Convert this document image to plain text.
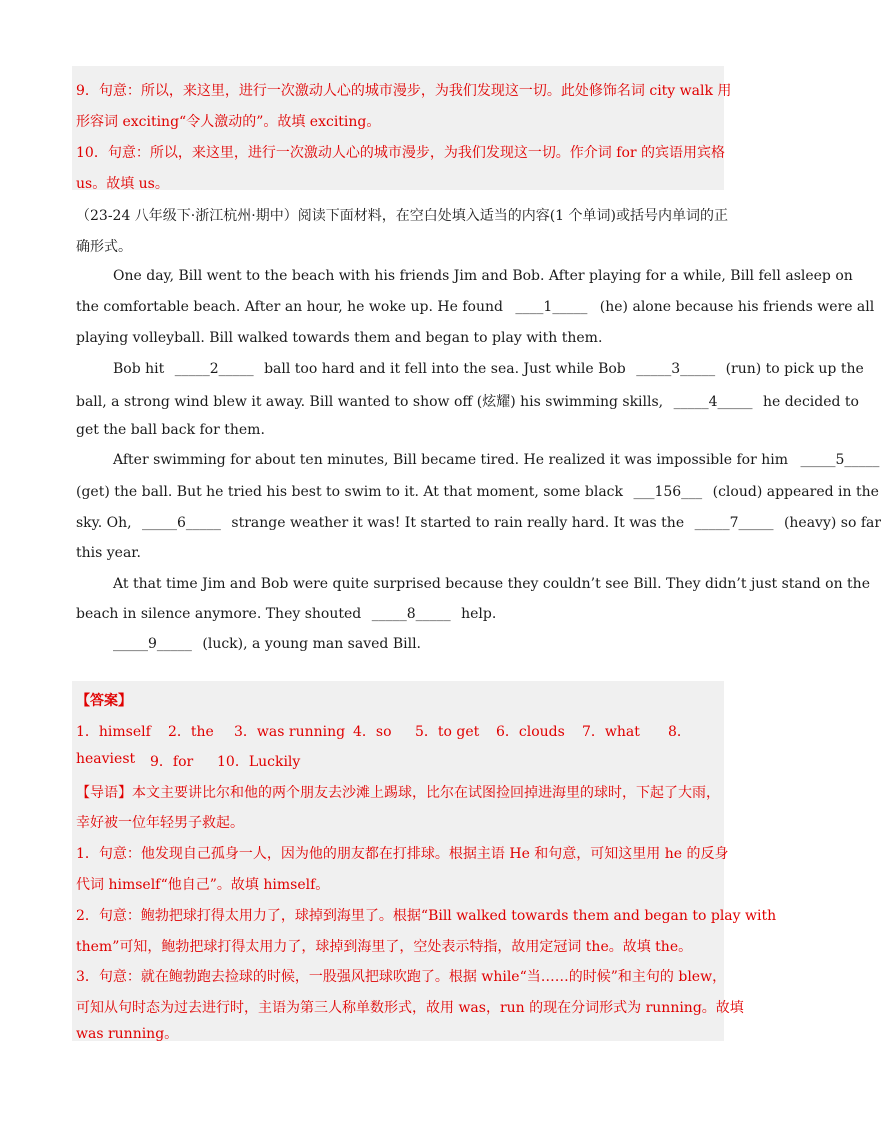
9．句意：所以，来这里，进行一次激动人心的城市漫步，为我们发现这一切。此处修饰名词 city walk 用
形容词 exciting“令人激动的”。故填 exciting。
10．句意：所以，来这里，进行一次激动人心的城市漫步，为我们发现这一切。作介词 for 的宾语用宾格
us。故填 us。
（23-24 八年级下·浙江杭州·期中）阅读下面材料，在空白处填入适当的内容(1 个单词)或括号内单词的正
确形式。
One day, Bill went to the beach with his friends Jim and Bob. After playing for a while, Bill fell asleep on
the comfortable beach. After an hour, he woke up. He found ____1_____ (he) alone because his friends were all
playing volleyball. Bill walked towards them and began to play with them.
Bob hit _____2_____ ball too hard and it fell into the sea. Just while Bob _____3_____ (run) to pick up the
ball, a strong wind blew it away. Bill wanted to show off (炫耀) his swimming skills, _____4_____ he decided to
get the ball back for them.
After swimming for about ten minutes, Bill became tired. He realized it was impossible for him _____5_____
(get) the ball. But he tried his best to swim to it. At that moment, some black ___156___ (cloud) appeared in the
sky. Oh, _____6_____ strange weather it was! It started to rain really hard. It was the _____7_____ (heavy) so far
this year.
At that time Jim and Bob were quite surprised because they couldn’t see Bill. They didn’t just stand on the
beach in silence anymore. They shouted _____8_____ help.
_____9_____ (luck), a young man saved Bill.
【答案】
1．himself 2．the 3．was running 4．so 5．to get 6．clouds 7．what 8．
heaviest 9．for 10．Luckily
【导语】本文主要讲比尔和他的两个朋友去沙滩上踢球，比尔在试图捡回掉进海里的球时，下起了大雨，
幸好被一位年轻男子救起。
1．句意：他发现自己孤身一人，因为他的朋友都在打排球。根据主语 He 和句意，可知这里用 he 的反身
代词 himself“他自己”。故填 himself。
2．句意：鲍勃把球打得太用力了，球掉到海里了。根据“Bill walked towards them and began to play with
them”可知，鲍勃把球打得太用力了，球掉到海里了，空处表示特指，故用定冠词 the。故填 the。
3．句意：就在鲍勃跑去捡球的时候，一股强风把球吹跑了。根据 while“当……的时候”和主句的 blew，
可知从句时态为过去进行时，主语为第三人称单数形式，故用 was，run 的现在分词形式为 running。故填
was running。
